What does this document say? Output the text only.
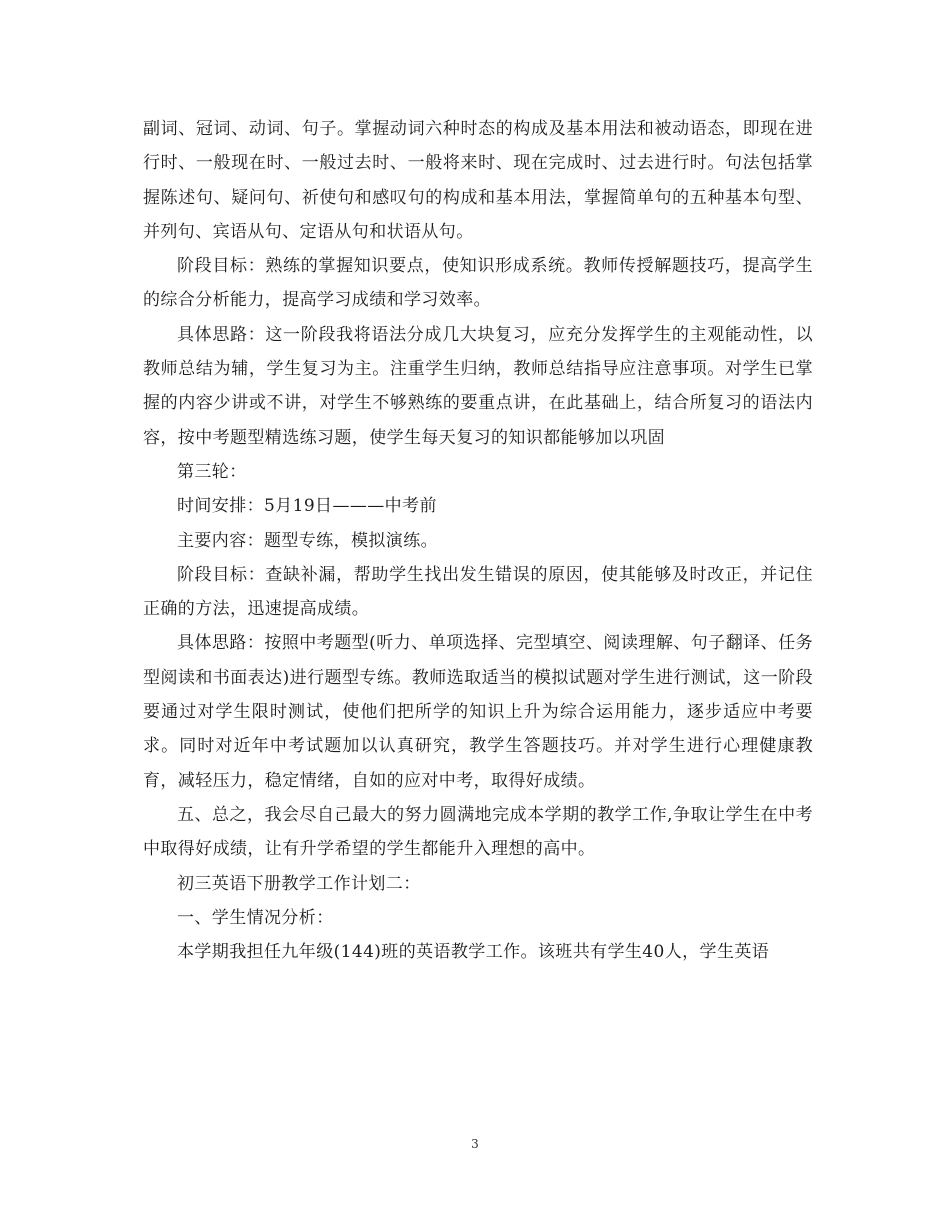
副词、冠词、动词、句子。掌握动词六种时态的构成及基本用法和被动语态，即现在进行时、一般现在时、一般过去时、一般将来时、现在完成时、过去进行时。句法包括掌握陈述句、疑问句、祈使句和感叹句的构成和基本用法，掌握简单句的五种基本句型、并列句、宾语从句、定语从句和状语从句。

阶段目标：熟练的掌握知识要点，使知识形成系统。教师传授解题技巧，提高学生的综合分析能力，提高学习成绩和学习效率。

具体思路：这一阶段我将语法分成几大块复习，应充分发挥学生的主观能动性，以教师总结为辅，学生复习为主。注重学生归纳，教师总结指导应注意事项。对学生已掌握的内容少讲或不讲，对学生不够熟练的要重点讲，在此基础上，结合所复习的语法内容，按中考题型精选练习题，使学生每天复习的知识都能够加以巩固

第三轮：

时间安排：5月19日———中考前

主要内容：题型专练，模拟演练。

阶段目标：查缺补漏，帮助学生找出发生错误的原因，使其能够及时改正，并记住正确的方法，迅速提高成绩。

具体思路：按照中考题型(听力、单项选择、完型填空、阅读理解、句子翻译、任务型阅读和书面表达)进行题型专练。教师选取适当的模拟试题对学生进行测试，这一阶段要通过对学生限时测试，使他们把所学的知识上升为综合运用能力，逐步适应中考要求。同时对近年中考试题加以认真研究，教学生答题技巧。并对学生进行心理健康教育，减轻压力，稳定情绪，自如的应对中考，取得好成绩。

五、总之，我会尽自己最大的努力圆满地完成本学期的教学工作,争取让学生在中考中取得好成绩，让有升学希望的学生都能升入理想的高中。

初三英语下册教学工作计划二：

一、学生情况分析：

本学期我担任九年级(144)班的英语教学工作。该班共有学生40人，学生英语

3
